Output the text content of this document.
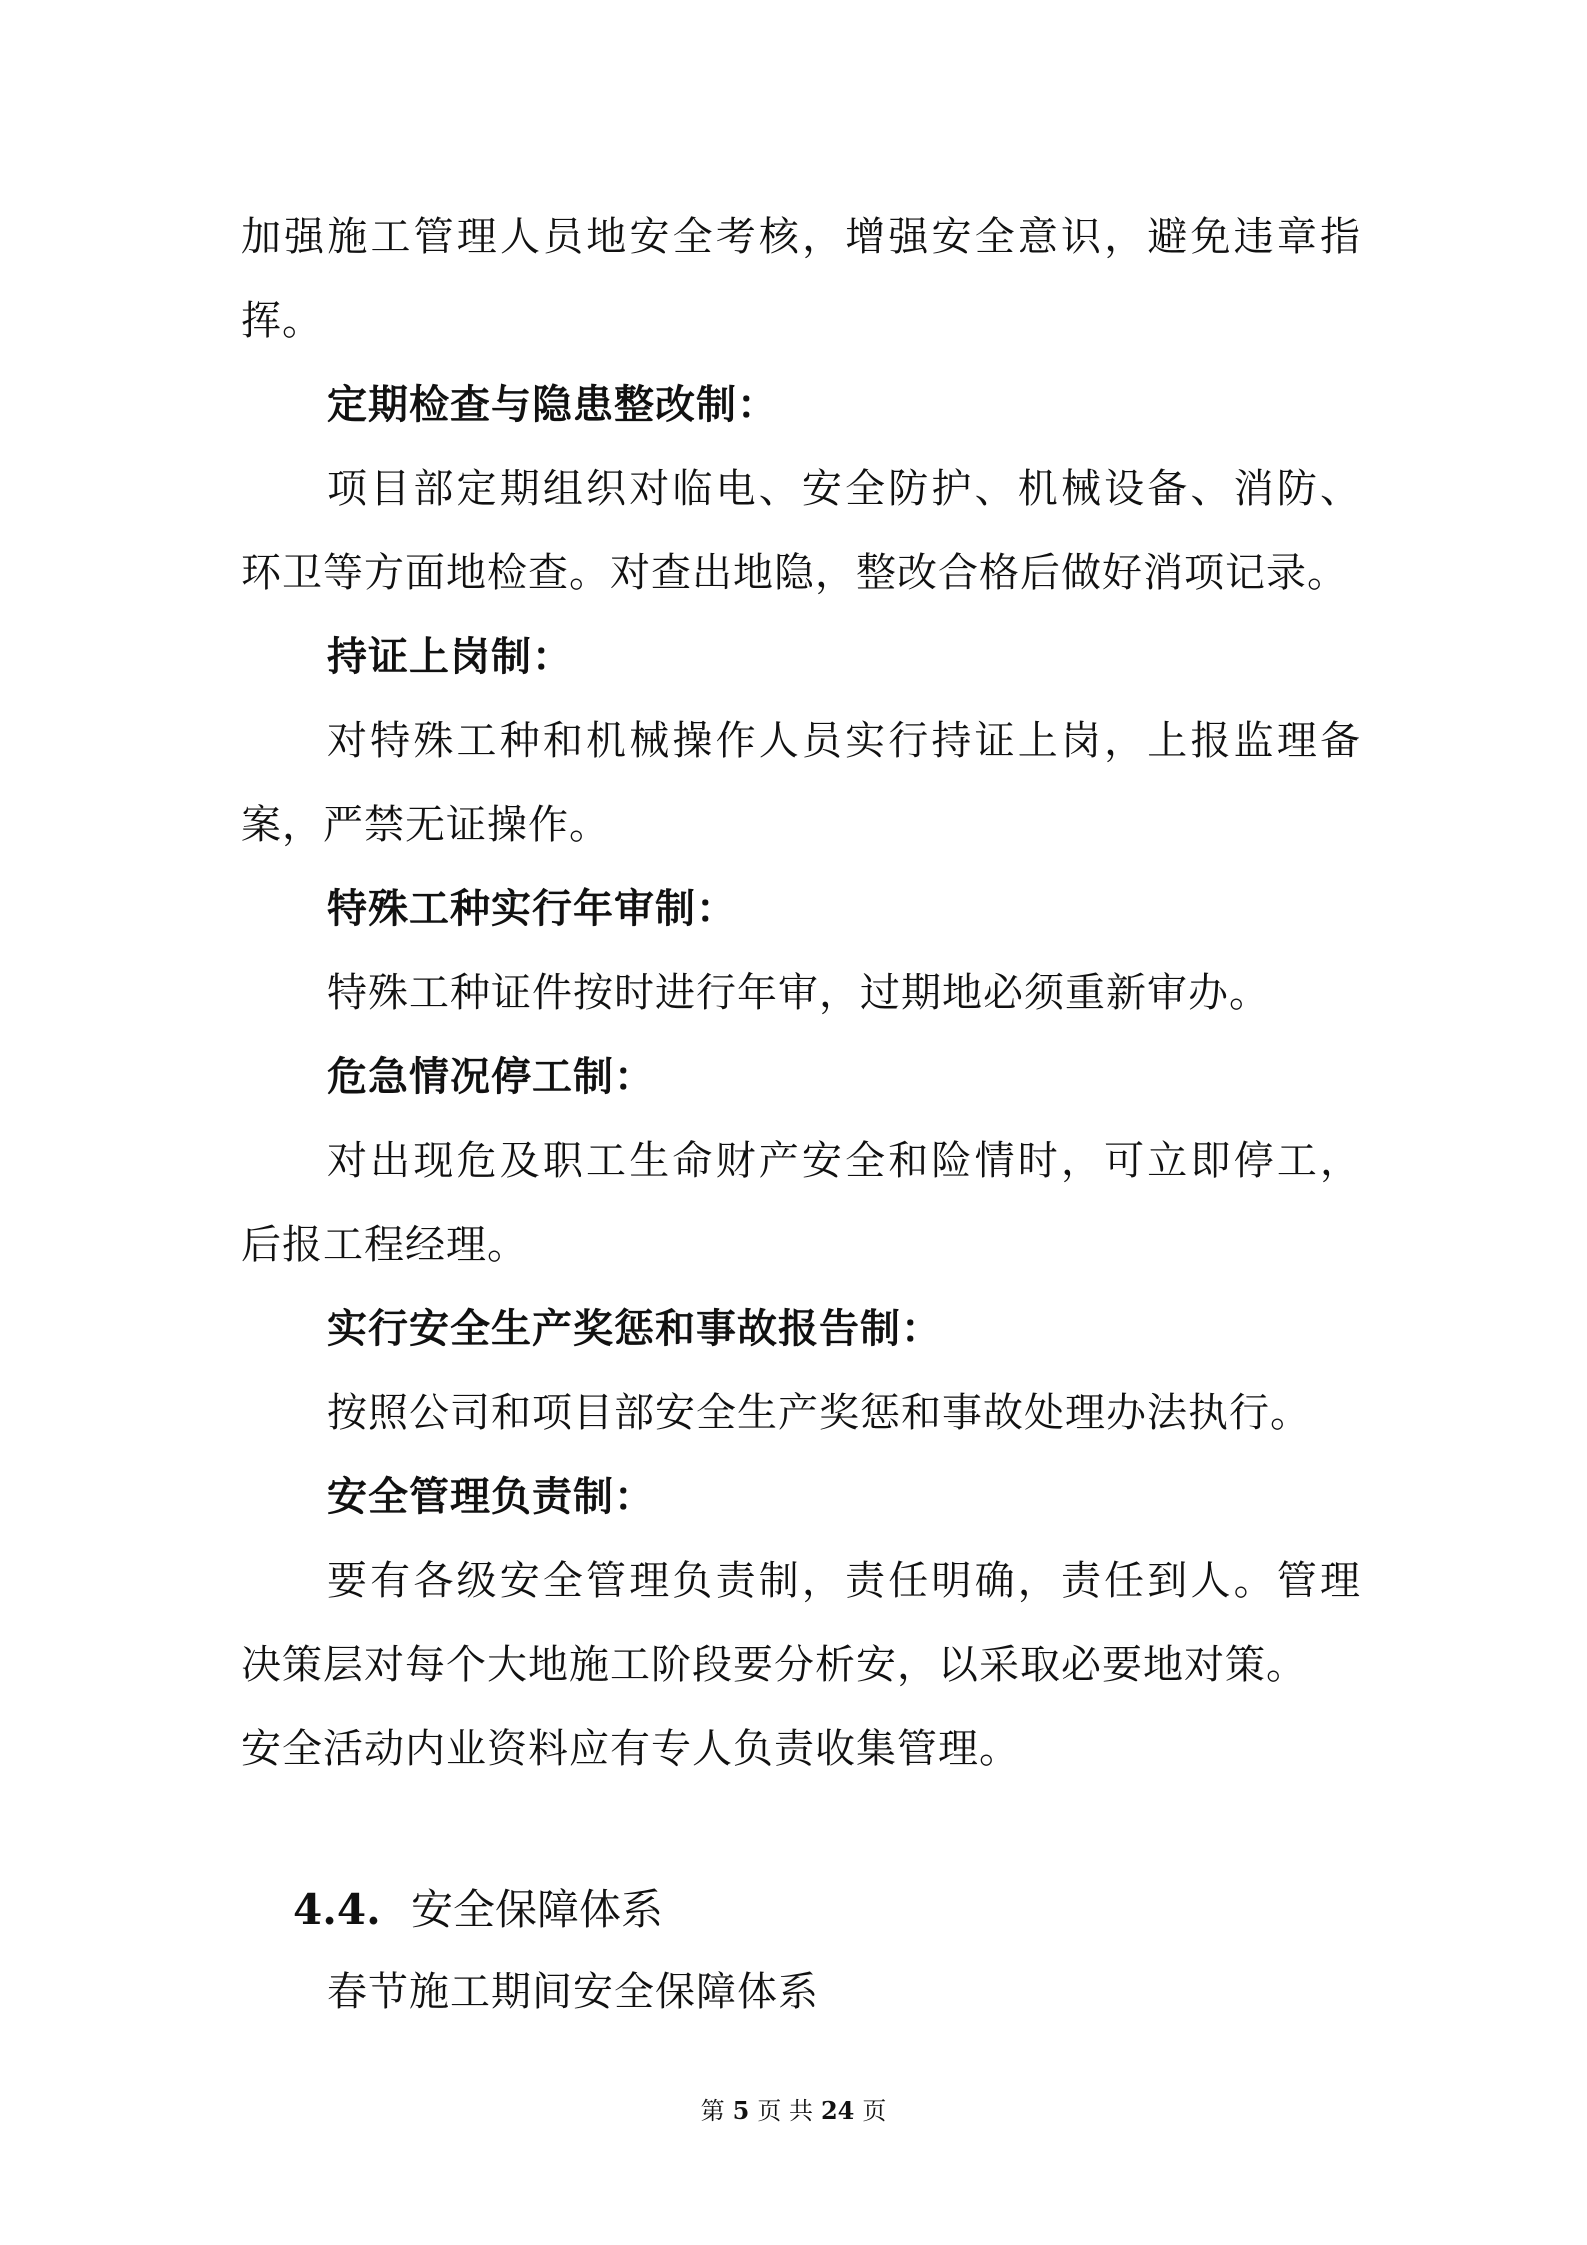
加强施工管理人员地安全考核，增强安全意识，避免违章指
挥。
定期检查与隐患整改制：
项目部定期组织对临电、安全防护、机械设备、消防、
环卫等方面地检查。对查出地隐，整改合格后做好消项记录。
持证上岗制：
对特殊工种和机械操作人员实行持证上岗，上报监理备
案，严禁无证操作。
特殊工种实行年审制：
特殊工种证件按时进行年审，过期地必须重新审办。
危急情况停工制：
对出现危及职工生命财产安全和险情时，可立即停工，
后报工程经理。
实行安全生产奖惩和事故报告制：
按照公司和项目部安全生产奖惩和事故处理办法执行。
安全管理负责制：
要有各级安全管理负责制，责任明确，责任到人。管理
决策层对每个大地施工阶段要分析安，以采取必要地对策。
安全活动内业资料应有专人负责收集管理。
4.4. 安全保障体系
春节施工期间安全保障体系
第 5 页 共 24 页
